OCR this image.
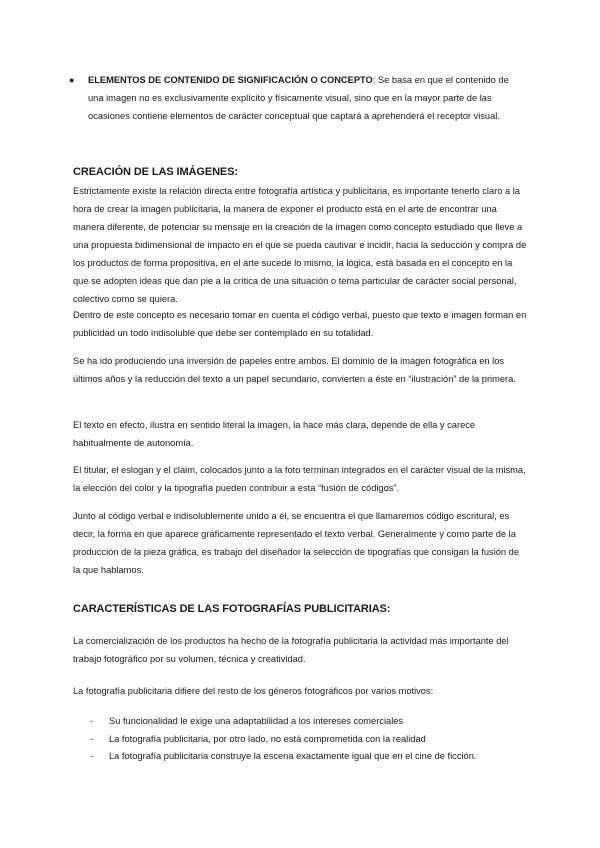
● ELEMENTOS DE CONTENIDO DE SIGNIFICACIÓN O CONCEPTO: Se basa en que el contenido de una imagen no es exclusivamente explícito y físicamente visual, sino que en la mayor parte de las ocasiones contiene elementos de carácter conceptual que captará a aprehenderá el receptor visual.
CREACIÓN DE LAS IMÁGENES:

Estrictamente existe la relación directa entre fotografía artística y publicitaria, es importante tenerlo claro a la hora de crear la imagen publicitaria, la manera de exponer el producto está en el arte de encontrar una manera diferente, de potenciar su mensaje en la creación de la imagen como concepto estudiado que lleve a una propuesta bidimensional de impacto en el que se pueda cautivar e incidir, hacia la seducción y compra de los productos de forma propositiva, en el arte sucede lo mismo, la lógica, está basada en el concepto en la que se adopten ideas que dan pie a la crítica de una situación o tema particular de carácter social personal, colectivo como se quiera.

Dentro de este concepto es necesario tomar en cuenta el código verbal, puesto que texto e imagen forman en publicidad un todo indisoluble que debe ser contemplado en su totalidad.

Se ha ido produciendo una inversión de papeles entre ambos. El dominio de la imagen fotográfica en los últimos años y la reducción del texto a un papel secundario, convierten a éste en “ilustración” de la primera.

El texto en efecto, ilustra en sentido literal la imagen, la hace más clara, depende de ella y carece habitualmente de autonomía.

El titular, el eslogan y el claim, colocados junto a la foto terminan integrados en el carácter visual de la misma, la elección del color y la tipografía pueden contribuir a esta “fusión de códigos”.

Junto al código verbal e indisolublemente unido a él, se encuentra el que llamaremos código escritural, es decir, la forma en que aparece gráficamente representado el texto verbal. Generalmente y como parte de la producción de la pieza gráfica, es trabajo del diseñador la selección de tipografías que consigan la fusión de la que hablamos.

CARACTERÍSTICAS DE LAS FOTOGRAFÍAS PUBLICITARIAS:

La comercialización de los productos ha hecho de la fotografía publicitaria la actividad más importante del trabajo fotográfico por su volumen, técnica y creatividad.

La fotografía publicitaria difiere del resto de los géneros fotográficos por varios motivos:

- Su funcionalidad le exige una adaptabilidad a los intereses comerciales
- La fotografía publicitaria, por otro lado, no está comprometida con la realidad
- La fotografía publicitaria construye la escena exactamente igual que en el cine de ficción.
